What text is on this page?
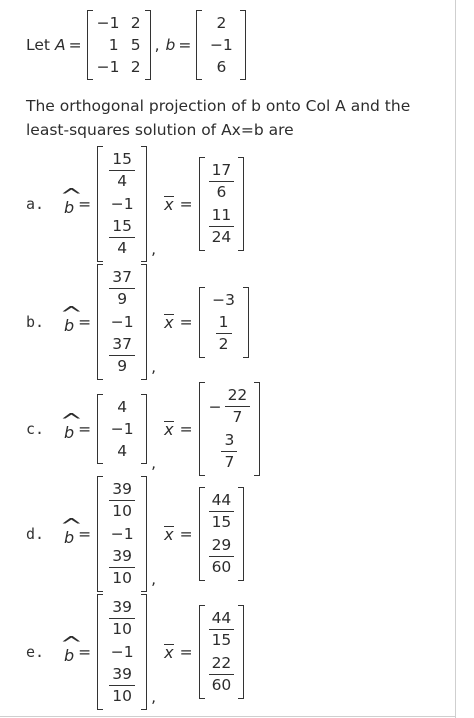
Let A =
−1 2
1 5
−1 2
, b =
2
−1
6
The orthogonal projection of b onto Col A and the
least-squares solution of Ax=b are
a.	^ b =
$\frac{15}{4}$
−1
$\frac{15}{4}$ ,
x =
$\frac{17}{6}$
$\frac{11}{24}$
b.	^ b =
$\frac{37}{9}$
−1
$\frac{37}{9}$ ,
x =
−3
$\frac{1}{2}$
c.	^ b =
4
−1
4
,
x =
− $\frac{22}{7}$
$\frac{3}{7}$
d.	^ b =
$\frac{39}{10}$
−1
$\frac{39}{10}$ ,
x =
$\frac{44}{15}$
$\frac{29}{60}$
e.	^ b =
$\frac{39}{10}$
−1
$\frac{39}{10}$ ,
x =
$\frac{44}{15}$
$\frac{22}{60}$
